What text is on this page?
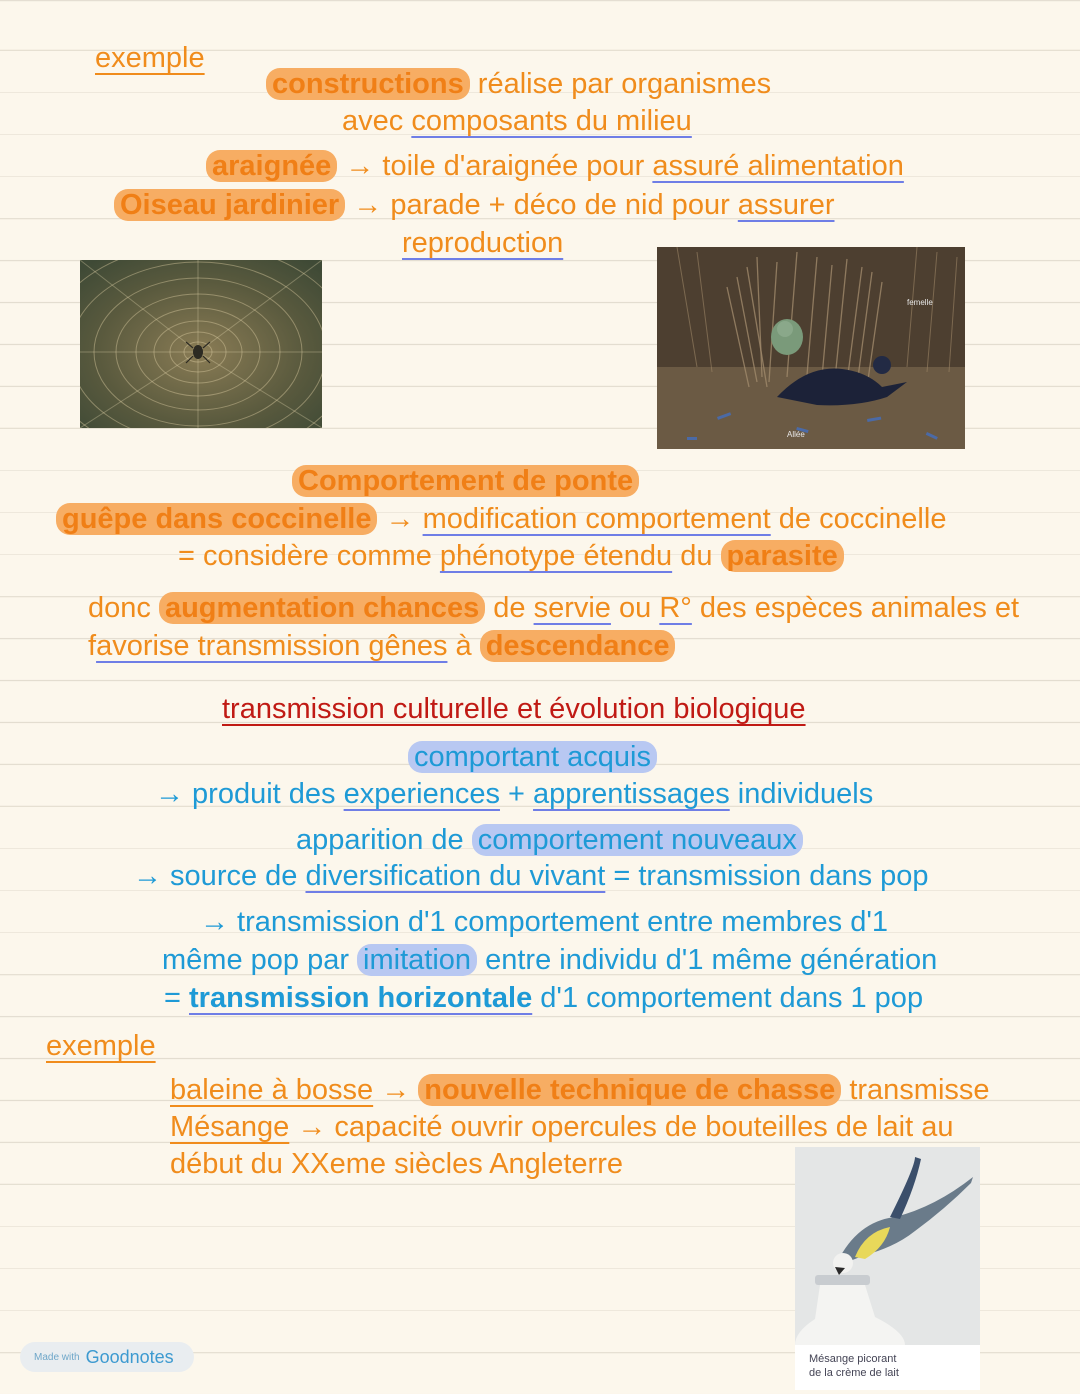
exemple
constructions réalise par organismes
avec composants du milieu
araignée → toile d'araignée pour assuré alimentation
Oiseau jardinier → parade + déco de nid pour assurer
reproduction
femelle
Allée
Comportement de ponte
guêpe dans coccinelle → modification comportement de coccinelle
= considère comme phénotype étendu du parasite
donc augmentation chances de servie ou R° des espèces animales et
favorise transmission gênes à descendance
transmission culturelle et évolution biologique
comportant acquis
→ produit des experiences + apprentissages individuels
apparition de comportement nouveaux
→ source de diversification du vivant = transmission dans pop
→ transmission d'1 comportement entre membres d'1
même pop par imitation entre individu d'1 même génération
= transmission horizontale d'1 comportement dans 1 pop
exemple
baleine à bosse → nouvelle technique de chasse transmisse
Mésange → capacité ouvrir opercules de bouteilles de lait au
début du XXeme siècles Angleterre
Mésange picorant
de la crème de lait
Made with Goodnotes
